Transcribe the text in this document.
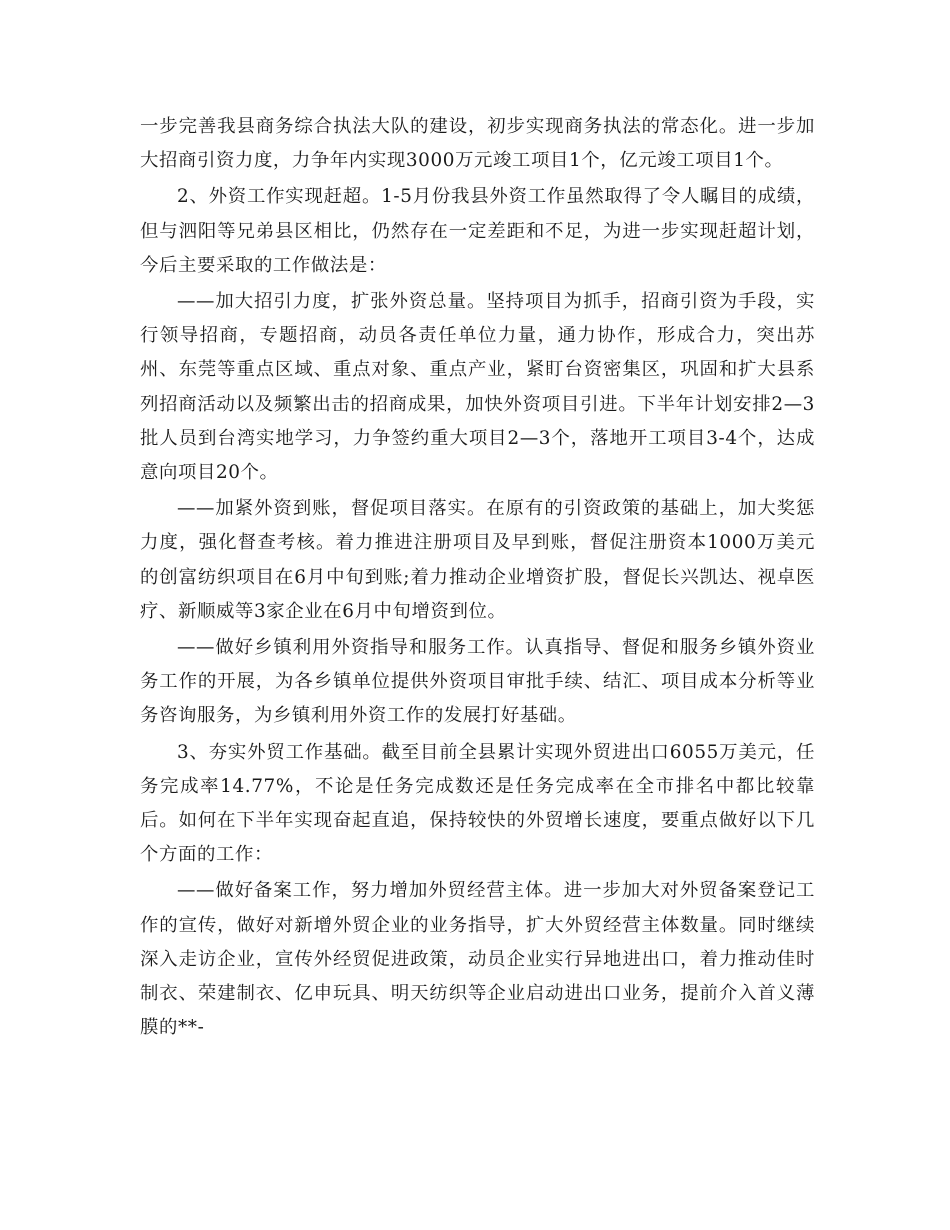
一步完善我县商务综合执法大队的建设，初步实现商务执法的常态化。进一步加大招商引资力度，力争年内实现3000万元竣工项目1个，亿元竣工项目1个。

2、外资工作实现赶超。1-5月份我县外资工作虽然取得了令人瞩目的成绩，但与泗阳等兄弟县区相比，仍然存在一定差距和不足，为进一步实现赶超计划，今后主要采取的工作做法是：

——加大招引力度，扩张外资总量。坚持项目为抓手，招商引资为手段，实行领导招商，专题招商，动员各责任单位力量，通力协作，形成合力，突出苏州、东莞等重点区域、重点对象、重点产业，紧盯台资密集区，巩固和扩大县系列招商活动以及频繁出击的招商成果，加快外资项目引进。下半年计划安排2—3批人员到台湾实地学习，力争签约重大项目2—3个，落地开工项目3-4个，达成意向项目20个。

——加紧外资到账，督促项目落实。在原有的引资政策的基础上，加大奖惩力度，强化督查考核。着力推进注册项目及早到账，督促注册资本1000万美元的创富纺织项目在6月中旬到账;着力推动企业增资扩股，督促长兴凯达、视卓医疗、新顺威等3家企业在6月中旬增资到位。

——做好乡镇利用外资指导和服务工作。认真指导、督促和服务乡镇外资业务工作的开展，为各乡镇单位提供外资项目审批手续、结汇、项目成本分析等业务咨询服务，为乡镇利用外资工作的发展打好基础。

3、夯实外贸工作基础。截至目前全县累计实现外贸进出口6055万美元，任务完成率14.77%，不论是任务完成数还是任务完成率在全市排名中都比较靠后。如何在下半年实现奋起直追，保持较快的外贸增长速度，要重点做好以下几个方面的工作：

——做好备案工作，努力增加外贸经营主体。进一步加大对外贸备案登记工作的宣传，做好对新增外贸企业的业务指导，扩大外贸经营主体数量。同时继续深入走访企业，宣传外经贸促进政策，动员企业实行异地进出口，着力推动佳时制衣、荣建制衣、亿申玩具、明天纺织等企业启动进出口业务，提前介入首义薄膜的**-
